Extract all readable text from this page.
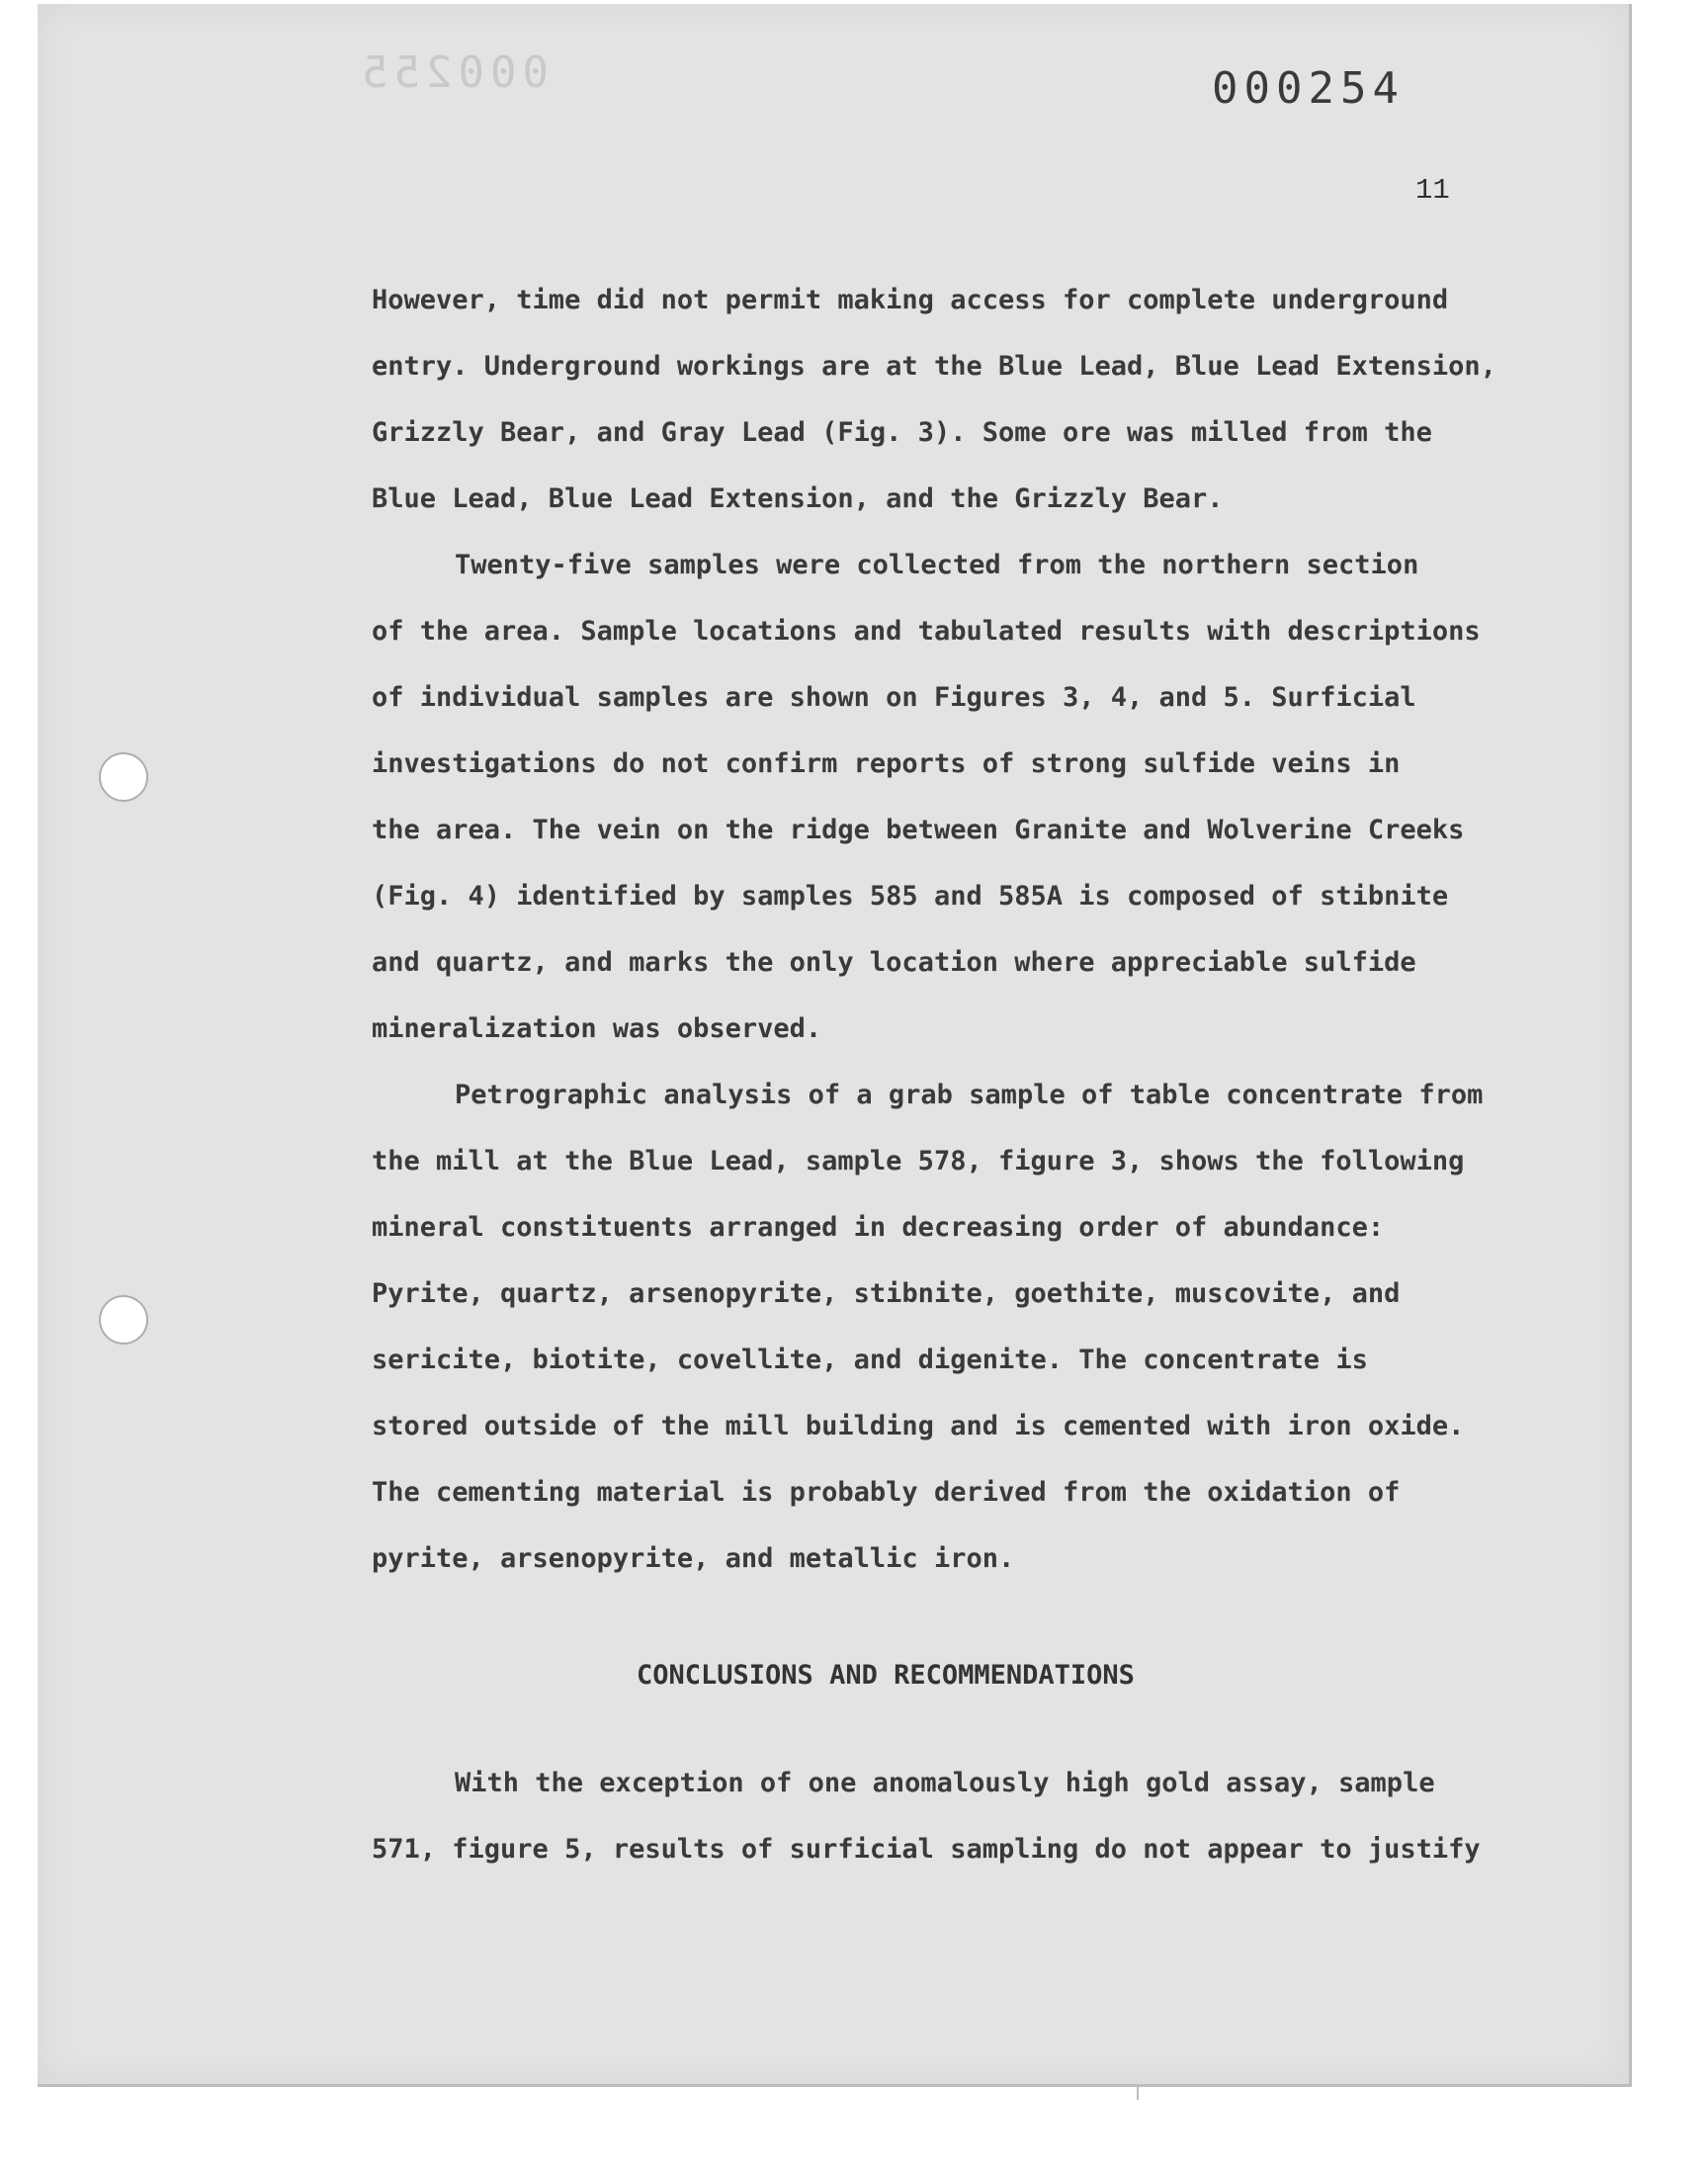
000255	000254
11
However, time did not permit making access for complete underground
entry. Underground workings are at the Blue Lead, Blue Lead Extension,
Grizzly Bear, and Gray Lead (Fig. 3). Some ore was milled from the
Blue Lead, Blue Lead Extension, and the Grizzly Bear.
Twenty-five samples were collected from the northern section
of the area. Sample locations and tabulated results with descriptions
of individual samples are shown on Figures 3, 4, and 5. Surficial
investigations do not confirm reports of strong sulfide veins in
the area. The vein on the ridge between Granite and Wolverine Creeks
(Fig. 4) identified by samples 585 and 585A is composed of stibnite
and quartz, and marks the only location where appreciable sulfide
mineralization was observed.
Petrographic analysis of a grab sample of table concentrate from
the mill at the Blue Lead, sample 578, figure 3, shows the following
mineral constituents arranged in decreasing order of abundance:
Pyrite, quartz, arsenopyrite, stibnite, goethite, muscovite, and
sericite, biotite, covellite, and digenite. The concentrate is
stored outside of the mill building and is cemented with iron oxide.
The cementing material is probably derived from the oxidation of
pyrite, arsenopyrite, and metallic iron.
CONCLUSIONS AND RECOMMENDATIONS
With the exception of one anomalously high gold assay, sample
571, figure 5, results of surficial sampling do not appear to justify
